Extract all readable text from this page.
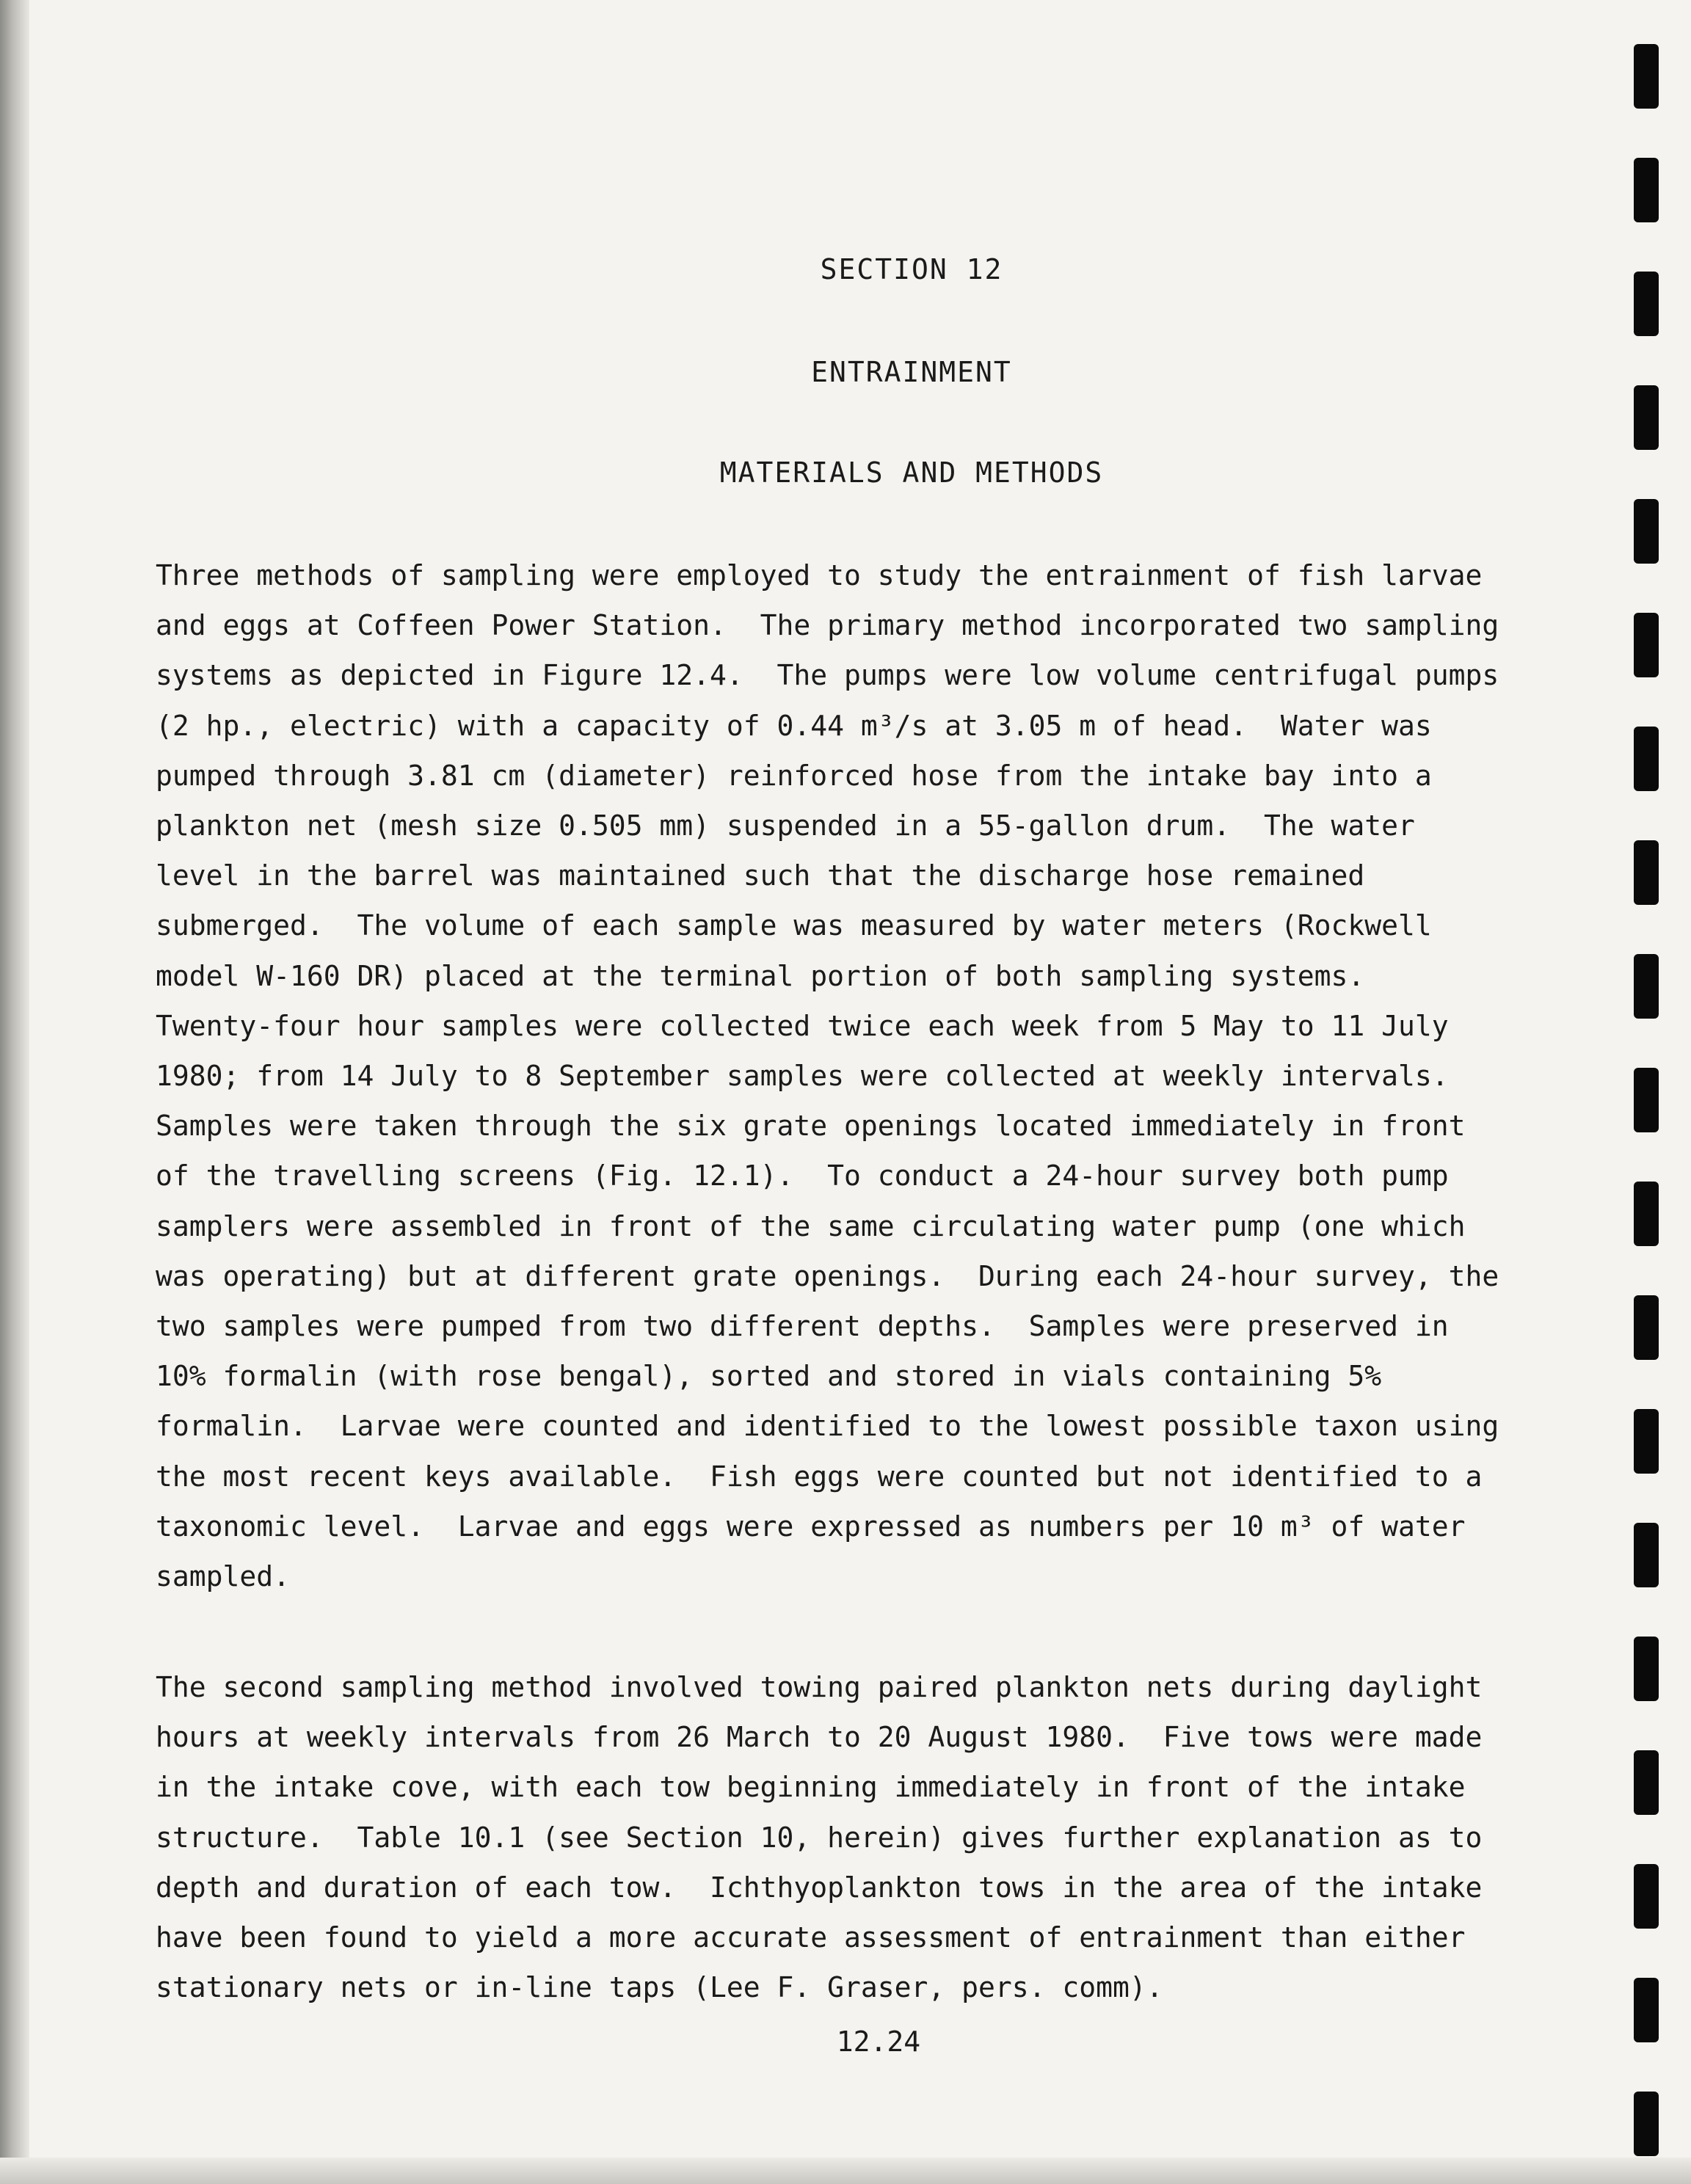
SECTION 12
ENTRAINMENT
MATERIALS AND METHODS
Three methods of sampling were employed to study the entrainment of fish larvae
and eggs at Coffeen Power Station.  The primary method incorporated two sampling
systems as depicted in Figure 12.4.  The pumps were low volume centrifugal pumps
(2 hp., electric) with a capacity of 0.44 m³/s at 3.05 m of head.  Water was
pumped through 3.81 cm (diameter) reinforced hose from the intake bay into a
plankton net (mesh size 0.505 mm) suspended in a 55-gallon drum.  The water
level in the barrel was maintained such that the discharge hose remained
submerged.  The volume of each sample was measured by water meters (Rockwell
model W-160 DR) placed at the terminal portion of both sampling systems.
Twenty-four hour samples were collected twice each week from 5 May to 11 July
1980; from 14 July to 8 September samples were collected at weekly intervals.
Samples were taken through the six grate openings located immediately in front
of the travelling screens (Fig. 12.1).  To conduct a 24-hour survey both pump
samplers were assembled in front of the same circulating water pump (one which
was operating) but at different grate openings.  During each 24-hour survey, the
two samples were pumped from two different depths.  Samples were preserved in
10% formalin (with rose bengal), sorted and stored in vials containing 5%
formalin.  Larvae were counted and identified to the lowest possible taxon using
the most recent keys available.  Fish eggs were counted but not identified to a
taxonomic level.  Larvae and eggs were expressed as numbers per 10 m³ of water
sampled.
The second sampling method involved towing paired plankton nets during daylight
hours at weekly intervals from 26 March to 20 August 1980.  Five tows were made
in the intake cove, with each tow beginning immediately in front of the intake
structure.  Table 10.1 (see Section 10, herein) gives further explanation as to
depth and duration of each tow.  Ichthyoplankton tows in the area of the intake
have been found to yield a more accurate assessment of entrainment than either
stationary nets or in-line taps (Lee F. Graser, pers. comm).
12.24
